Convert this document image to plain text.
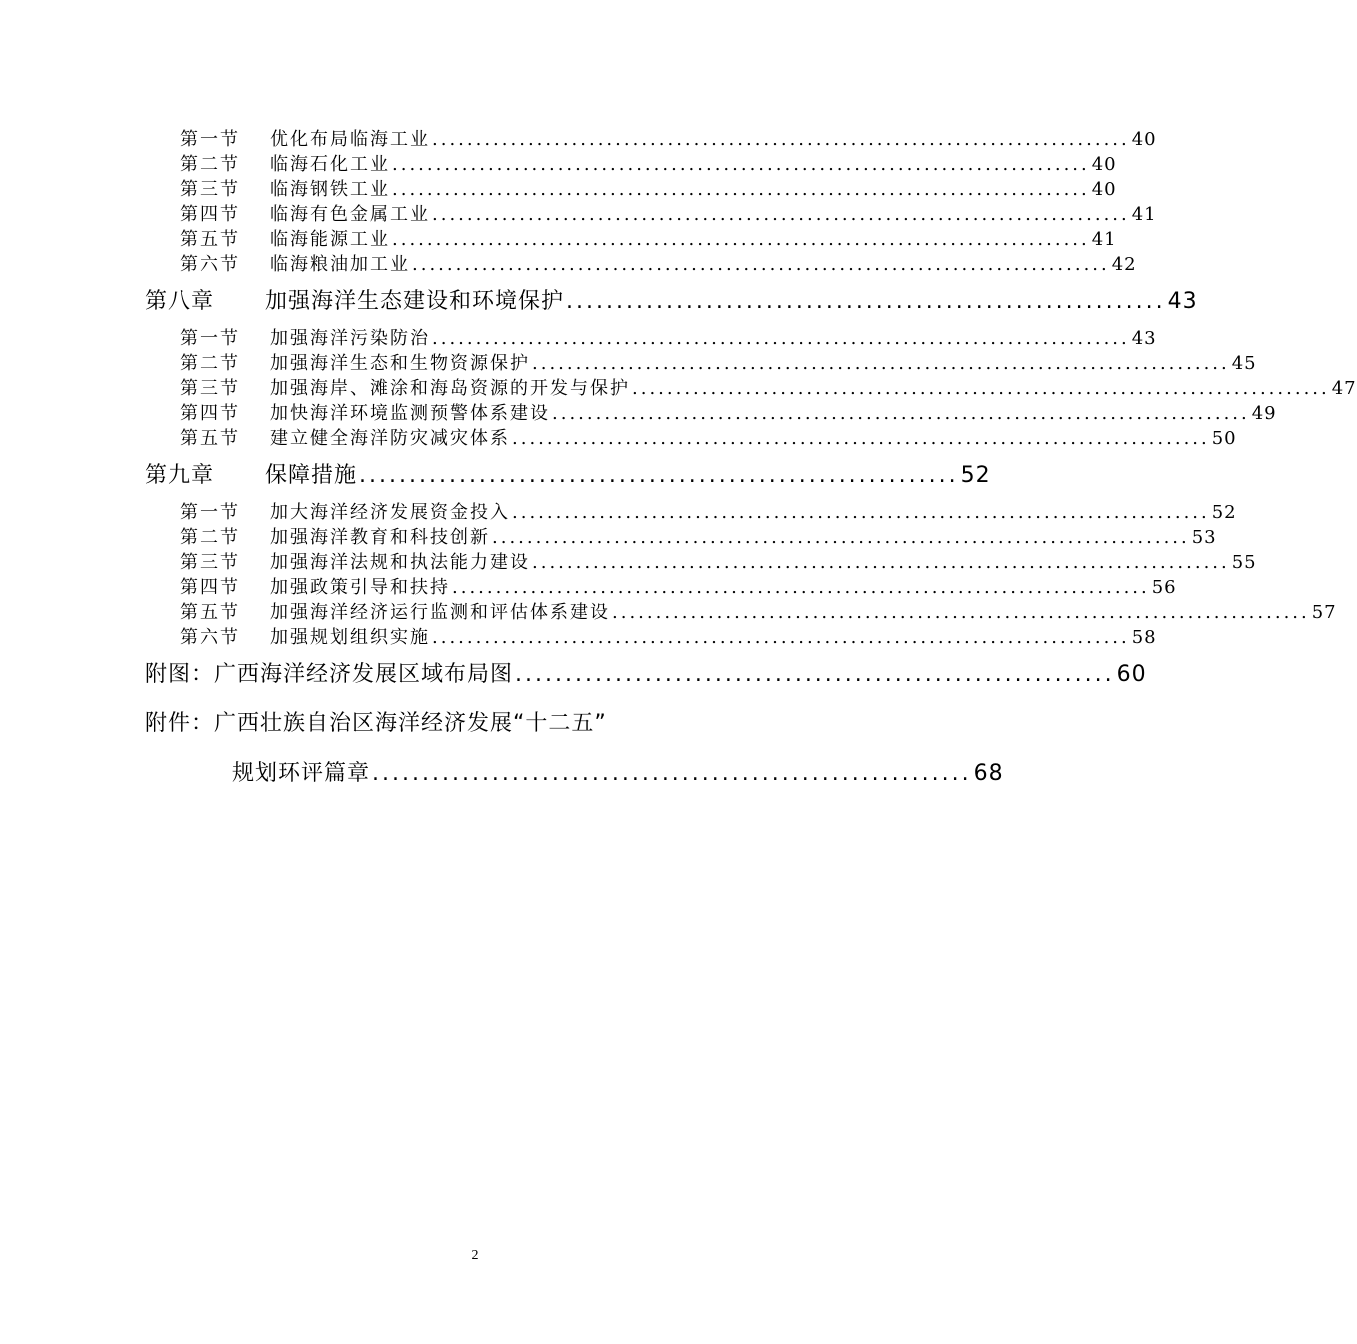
第一节	优化布局临海工业 ................................................................................ 40
第二节	临海石化工业 ................................................................................ 40
第三节	临海钢铁工业 ................................................................................ 40
第四节	临海有色金属工业 ................................................................................ 41
第五节	临海能源工业 ................................................................................ 41
第六节	临海粮油加工业 ................................................................................ 42
第八章	加强海洋生态建设和环境保护 ............................................................ 43
第一节	加强海洋污染防治 ................................................................................ 43
第二节	加强海洋生态和生物资源保护 ................................................................................ 45
第三节	加强海岸、滩涂和海岛资源的开发与保护 ................................................................................ 47
第四节	加快海洋环境监测预警体系建设 ................................................................................ 49
第五节	建立健全海洋防灾减灾体系 ................................................................................ 50
第九章	保障措施 ............................................................ 52
第一节	加大海洋经济发展资金投入 ................................................................................ 52
第二节	加强海洋教育和科技创新 ................................................................................ 53
第三节	加强海洋法规和执法能力建设 ................................................................................ 55
第四节	加强政策引导和扶持 ................................................................................ 56
第五节	加强海洋经济运行监测和评估体系建设 ................................................................................ 57
第六节	加强规划组织实施 ................................................................................ 58
附图：广西海洋经济发展区域布局图 ............................................................ 60
附件：广西壮族自治区海洋经济发展“十二五”
规划环评篇章 ............................................................ 68
2
